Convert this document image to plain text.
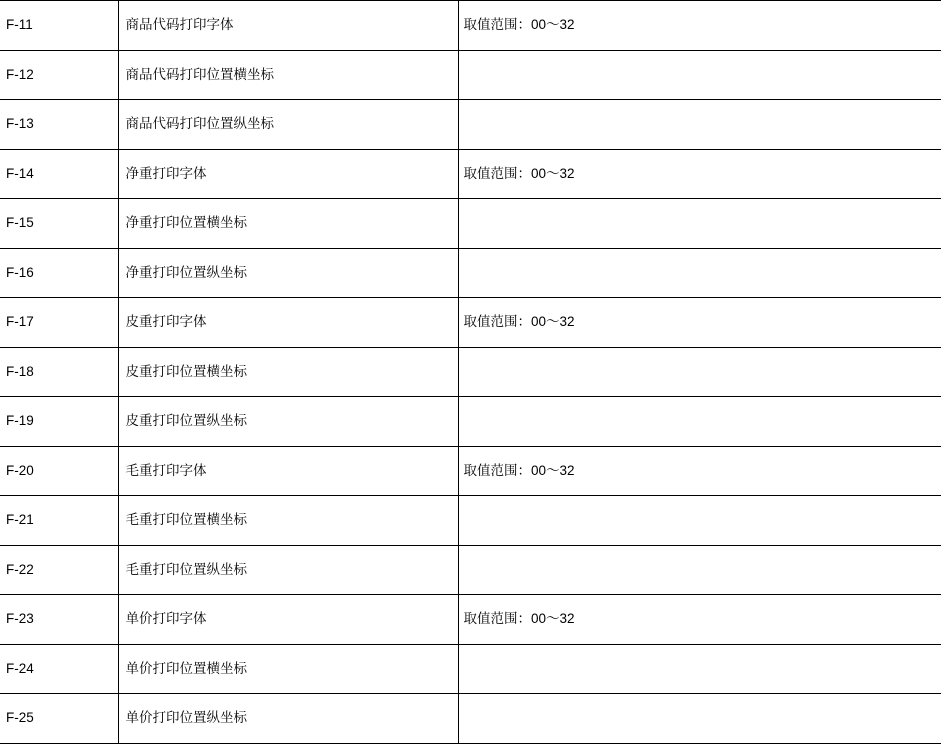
F-11	商品代码打印字体	取值范围：00～32

F-12	商品代码打印位置横坐标	

F-13	商品代码打印位置纵坐标	

F-14	净重打印字体	取值范围：00～32

F-15	净重打印位置横坐标	

F-16	净重打印位置纵坐标	

F-17	皮重打印字体	取值范围：00～32

F-18	皮重打印位置横坐标	

F-19	皮重打印位置纵坐标	

F-20	毛重打印字体	取值范围：00～32

F-21	毛重打印位置横坐标	

F-22	毛重打印位置纵坐标	

F-23	单价打印字体	取值范围：00～32

F-24	单价打印位置横坐标	

F-25	单价打印位置纵坐标	
